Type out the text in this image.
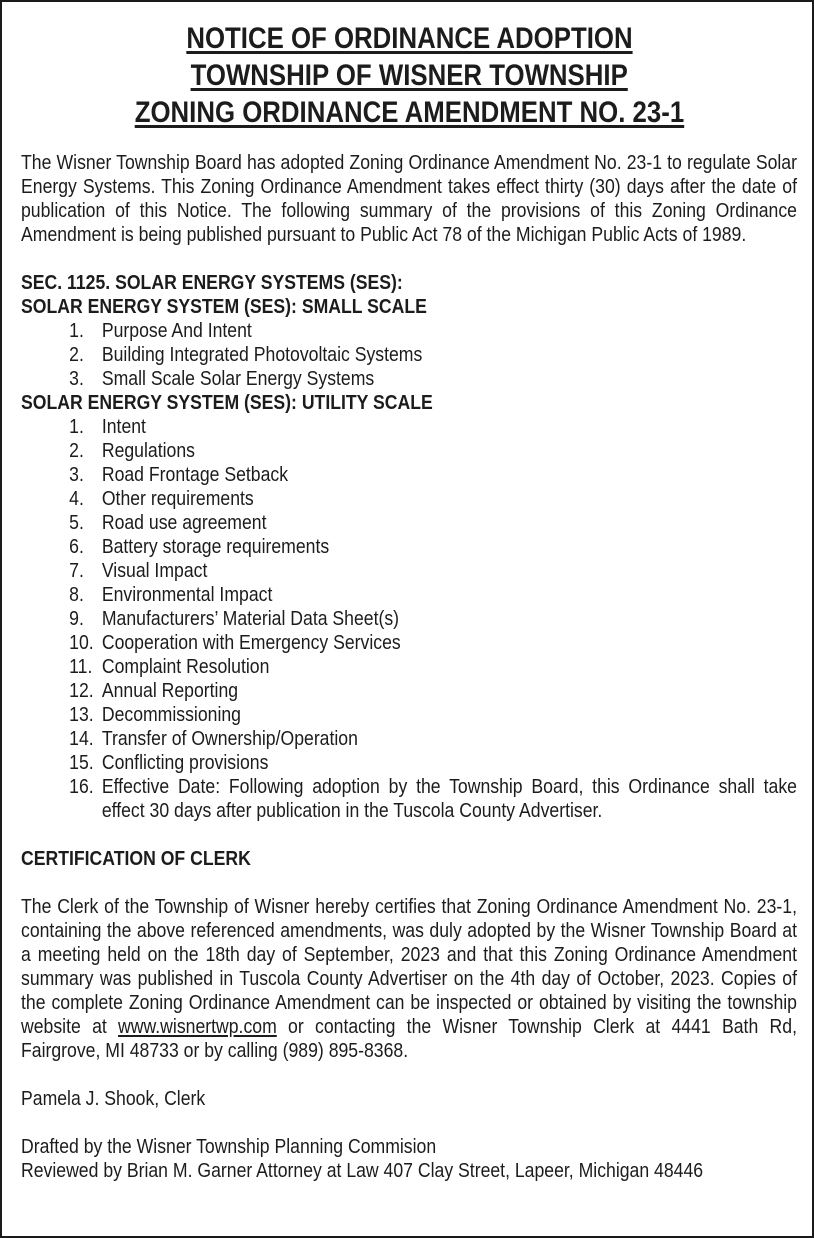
NOTICE OF ORDINANCE ADOPTION
TOWNSHIP OF WISNER TOWNSHIP
ZONING ORDINANCE AMENDMENT NO. 23-1

The Wisner Township Board has adopted Zoning Ordinance Amendment No. 23-1 to regulate Solar Energy Systems. This Zoning Ordinance Amendment takes effect thirty (30) days after the date of publication of this Notice. The following summary of the provisions of this Zoning Ordinance Amendment is being published pursuant to Public Act 78 of the Michigan Public Acts of 1989.

SEC. 1125. SOLAR ENERGY SYSTEMS (SES):
SOLAR ENERGY SYSTEM (SES): SMALL SCALE
1. Purpose And Intent
2. Building Integrated Photovoltaic Systems
3. Small Scale Solar Energy Systems
SOLAR ENERGY SYSTEM (SES): UTILITY SCALE
1. Intent
2. Regulations
3. Road Frontage Setback
4. Other requirements
5. Road use agreement
6. Battery storage requirements
7. Visual Impact
8. Environmental Impact
9. Manufacturers’ Material Data Sheet(s)
10. Cooperation with Emergency Services
11. Complaint Resolution
12. Annual Reporting
13. Decommissioning
14. Transfer of Ownership/Operation
15. Conflicting provisions
16. Effective Date: Following adoption by the Township Board, this Ordinance shall take effect 30 days after publication in the Tuscola County Advertiser.
CERTIFICATION OF CLERK

The Clerk of the Township of Wisner hereby certifies that Zoning Ordinance Amendment No. 23-1, containing the above referenced amendments, was duly adopted by the Wisner Township Board at a meeting held on the 18th day of September, 2023 and that this Zoning Ordinance Amendment summary was published in Tuscola County Advertiser on the 4th day of October, 2023. Copies of the complete Zoning Ordinance Amendment can be inspected or obtained by visiting the township website at www.wisnertwp.com or contacting the Wisner Township Clerk at 4441 Bath Rd, Fairgrove, MI 48733 or by calling (989) 895-8368.

Pamela J. Shook, Clerk

Drafted by the Wisner Township Planning Commision

Reviewed by Brian M. Garner Attorney at Law 407 Clay Street, Lapeer, Michigan 48446
